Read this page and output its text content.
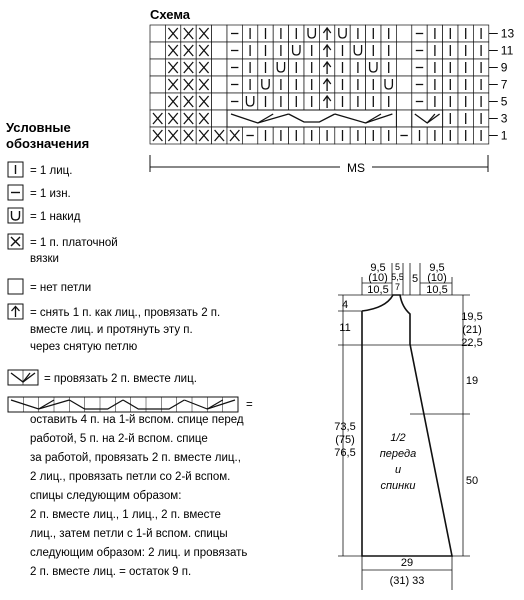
Схема
13
11
9
7
5
3
1
MS
Условные
обозначения
= 1 лиц.
= 1 изн.
= 1 накид
= 1 п. платочной
вязки
= нет петли
= снять 1 п. как лиц., провязать 2 п.
вместе лиц. и протянуть эту п.
через снятую петлю
= провязать 2 п. вместе лиц.
=
оставить 4 п. на 1-й вспом. спице перед
работой, 5 п. на 2-й вспом. спице
за работой, провязать 2 п. вместе лиц.,
2 лиц., провязать петли со 2-й вспом.
спицы следующим образом:
2 п. вместе лиц., 1 лиц., 2 п. вместе
лиц., затем петли с 1-й вспом. спицы
следующим образом: 2 лиц. и провязать
2 п. вместе лиц. = остаток 9 п.
9,5
(10)
10,5
5
5,5
7
5
9,5
(10)
10,5
4
11
73,5
(75)
76,5
19,5
(21)
22,5
19
50
1/2
переда
и
спинки
29
(31) 33
